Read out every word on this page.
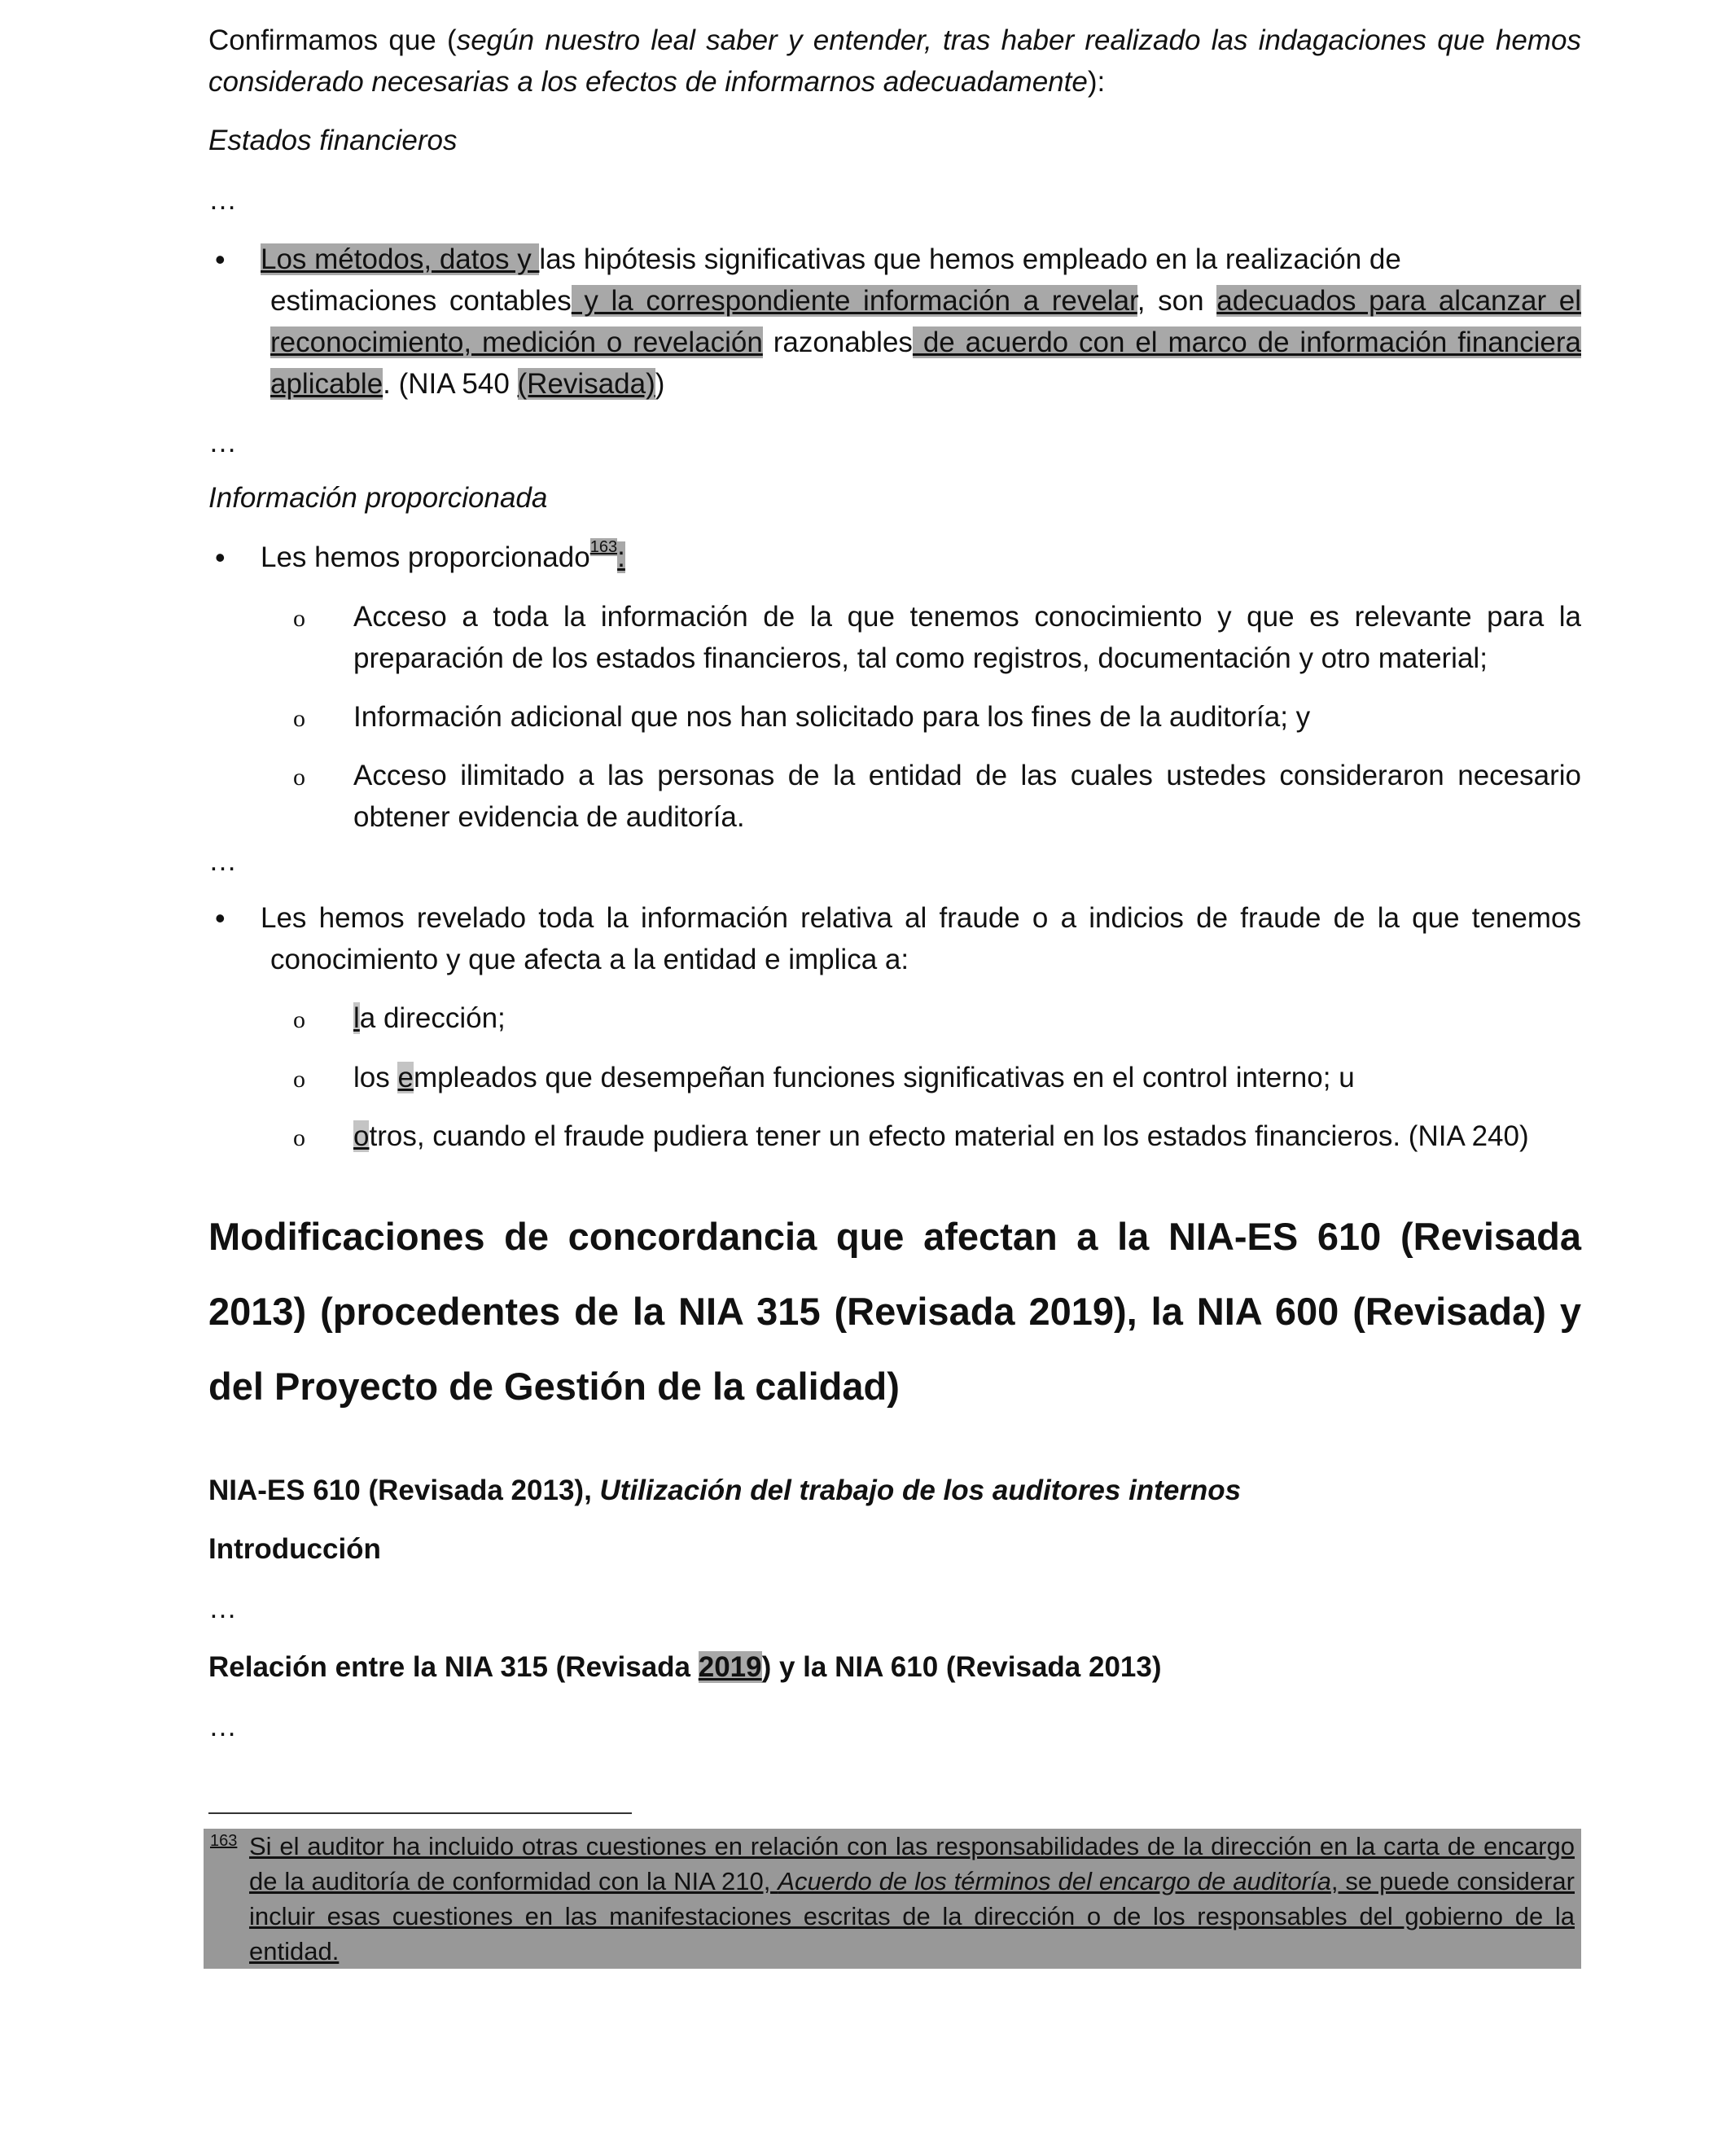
Confirmamos que (según nuestro leal saber y entender, tras haber realizado las indagaciones que hemos considerado necesarias a los efectos de informarnos adecuadamente):

Estados financieros

…

• Los métodos, datos y las hipótesis significativas que hemos empleado en la realización de
estimaciones contables y la correspondiente información a revelar, son adecuados para alcanzar el reconocimiento, medición o revelación razonables de acuerdo con el marco de información financiera aplicable. (NIA 540 (Revisada))

…

Información proporcionada

• Les hemos proporcionado$^{163}$:
o Acceso a toda la información de la que tenemos conocimiento y que es relevante para la preparación de los estados financieros, tal como registros, documentación y otro material;
o Información adicional que nos han solicitado para los fines de la auditoría; y
o Acceso ilimitado a las personas de la entidad de las cuales ustedes consideraron necesario obtener evidencia de auditoría.

…

• Les hemos revelado toda la información relativa al fraude o a indicios de fraude de la que tenemos
conocimiento y que afecta a la entidad e implica a:
o la dirección;
o los empleados que desempeñan funciones significativas en el control interno; u
o otros, cuando el fraude pudiera tener un efecto material en los estados financieros. (NIA 240)
Modificaciones de concordancia que afectan a la NIA-ES 610 (Revisada 2013) (procedentes de la NIA 315 (Revisada 2019), la NIA 600 (Revisada) y del Proyecto de Gestión de la calidad)

NIA-ES 610 (Revisada 2013), Utilización del trabajo de los auditores internos

Introducción

…

Relación entre la NIA 315 (Revisada 2019) y la NIA 610 (Revisada 2013)

…

163 Si el auditor ha incluido otras cuestiones en relación con las responsabilidades de la dirección en la carta de encargo de la auditoría de conformidad con la NIA 210, Acuerdo de los términos del encargo de auditoría, se puede considerar incluir esas cuestiones en las manifestaciones escritas de la dirección o de los responsables del gobierno de la entidad.
